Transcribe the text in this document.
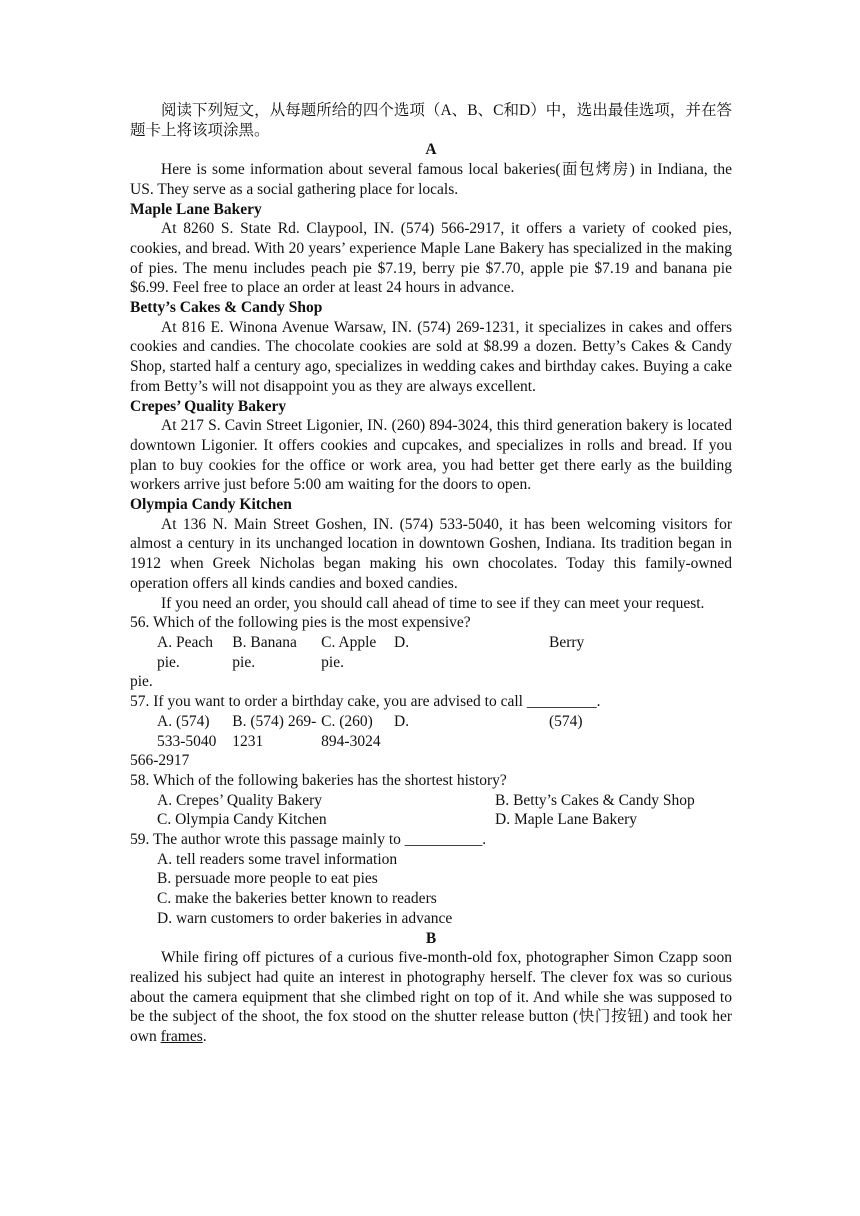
阅读下列短文，从每题所给的四个选项（A、B、C和D）中，选出最佳选项，并在答题卡上将该项涂黑。

A

Here is some information about several famous local bakeries(面包烤房) in Indiana, the US. They serve as a social gathering place for locals.

Maple Lane Bakery

At 8260 S. State Rd. Claypool, IN. (574) 566-2917, it offers a variety of cooked pies, cookies, and bread. With 20 years’ experience Maple Lane Bakery has specialized in the making of pies. The menu includes peach pie $7.19, berry pie $7.70, apple pie $7.19 and banana pie $6.99. Feel free to place an order at least 24 hours in advance.

Betty’s Cakes & Candy Shop

At 816 E. Winona Avenue Warsaw, IN. (574) 269-1231, it specializes in cakes and offers cookies and candies. The chocolate cookies are sold at $8.99 a dozen. Betty’s Cakes & Candy Shop, started half a century ago, specializes in wedding cakes and birthday cakes. Buying a cake from Betty’s will not disappoint you as they are always excellent.

Crepes’ Quality Bakery

At 217 S. Cavin Street Ligonier, IN. (260) 894-3024, this third generation bakery is located downtown Ligonier. It offers cookies and cupcakes, and specializes in rolls and bread. If you plan to buy cookies for the office or work area, you had better get there early as the building workers arrive just before 5:00 am waiting for the doors to open.

Olympia Candy Kitchen

At 136 N. Main Street Goshen, IN. (574) 533-5040, it has been welcoming visitors for almost a century in its unchanged location in downtown Goshen, Indiana. Its tradition began in 1912 when Greek Nicholas began making his own chocolates. Today this family-owned operation offers all kinds candies and boxed candies.

If you need an order, you should call ahead of time to see if they can meet your request.

56. Which of the following pies is the most expensive?

A. Peach pie.
B. Banana pie.
C. Apple pie.
D.	Berry

pie.

57. If you want to order a birthday cake, you are advised to call _________.

A. (574) 533-5040
B. (574) 269-1231
C. (260) 894-3024
D.	(574)

566-2917

58. Which of the following bakeries has the shortest history?

A. Crepes’ Quality Bakery	B. Betty’s Cakes & Candy Shop
C. Olympia Candy Kitchen	D. Maple Lane Bakery

59. The author wrote this passage mainly to __________.

A. tell readers some travel information

B. persuade more people to eat pies

C. make the bakeries better known to readers

D. warn customers to order bakeries in advance

B

While firing off pictures of a curious five-month-old fox, photographer Simon Czapp soon realized his subject had quite an interest in photography herself. The clever fox was so curious about the camera equipment that she climbed right on top of it. And while she was supposed to be the subject of the shoot, the fox stood on the shutter release button (快门按钮) and took her own frames.
